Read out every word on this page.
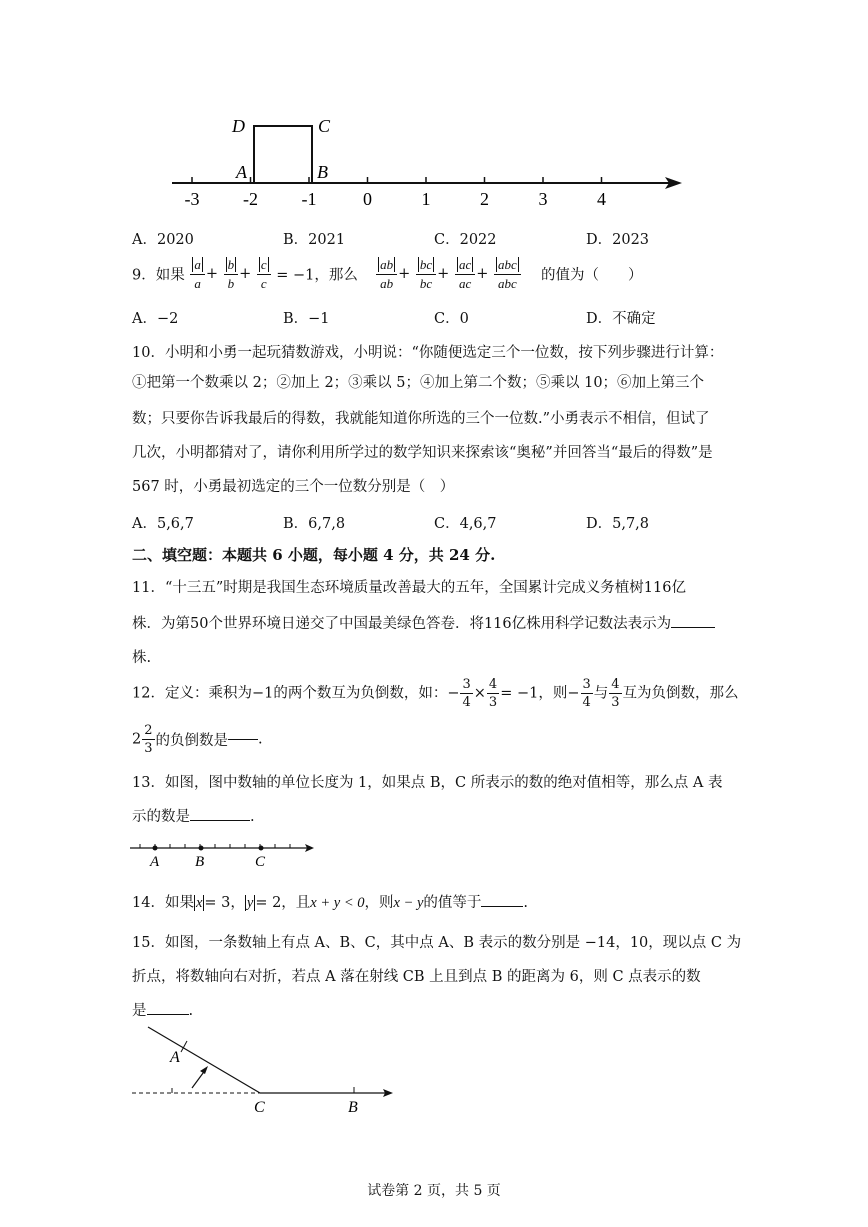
-3 -2 -1	0	1	2	3	4
D	C
A	B
A．2020	B．2021	C．2022	D．2023
9．如果 $\frac{a}{a} + \frac{b}{b} + \frac{c}{c} = -1$，那么 $\frac{ab}{ab} + \frac{bc}{bc} + \frac{ac}{ac} + \frac{\text{abc}}{\text{abc}}$ 的值为（　　）
A．−2	B．−1	C．0	D．不确定
10．小明和小勇一起玩猜数游戏，小明说：“你随便选定三个一位数，按下列步骤进行计算：
①把第一个数乘以 2；②加上 2；③乘以 5；④加上第二个数；⑤乘以 10；⑥加上第三个
数；只要你告诉我最后的得数，我就能知道你所选的三个一位数.”小勇表示不相信，但试了
几次，小明都猜对了，请你利用所学过的数学知识来探索该“奥秘”并回答当“最后的得数”是
567 时，小勇最初选定的三个一位数分别是（　）
A．5,6,7	B．6,7,8	C．4,6,7	D．5,7,8
二、填空题：本题共 6 小题，每小题 4 分，共 24 分.
11．“十三五”时期是我国生态环境质量改善最大的五年，全国累计完成义务植树116亿
株．为第50个世界环境日递交了中国最美绿色答卷．将116亿株用科学记数法表示为
株.
12．定义：乘积为−1的两个数互为负倒数，如：− $\frac{3}{4} \times \frac{4}{3} = -1$，则− $\frac{3}{4}$ 与 $\frac{4}{3}$ 互为负倒数，那么
$2 \frac{2}{3}$ 的负倒数是 .
13．如图，图中数轴的单位长度为 1，如果点 B，C 所表示的数的绝对值相等，那么点 A 表
示的数是	.
A B	C
14．如果 x = 3， y = 2，且x + y < 0，则x − y的值等于	.
15．如图，一条数轴上有点 A、B、C，其中点 A、B 表示的数分别是 −14，10，现以点 C 为
折点，将数轴向右对折，若点 A 落在射线 CB 上且到点 B 的距离为 6，则 C 点表示的数
是	.
A
C	B
试卷第 2 页，共 5 页
